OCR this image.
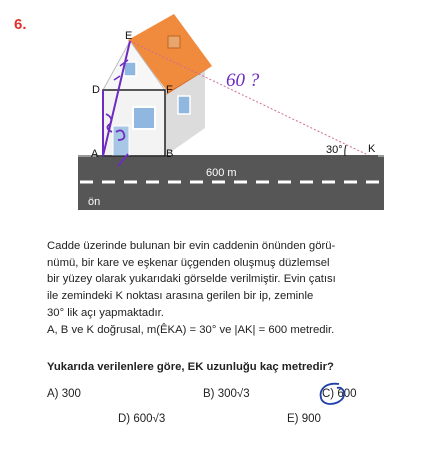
6.
60 ?
E
D	F
A	B	K
30°
600 m
ön

Cadde üzerinde bulunan bir evin caddenin önünden görü-

nümü, bir kare ve eşkenar üçgenden oluşmuş düzlemsel

bir yüzey olarak yukarıdaki görselde verilmiştir. Evin çatısı

ile zemindeki K noktası arasına gerilen bir ip, zeminle

30° lik açı yapmaktadır.

A, B ve K doğrusal, m(ÊKA) = 30° ve |AK| = 600 metredir.

Yukarıda verilenlere göre, EK uzunluğu kaç metredir?
A) 300	B) 300√3	C) 600
D) 600√3	E) 900
